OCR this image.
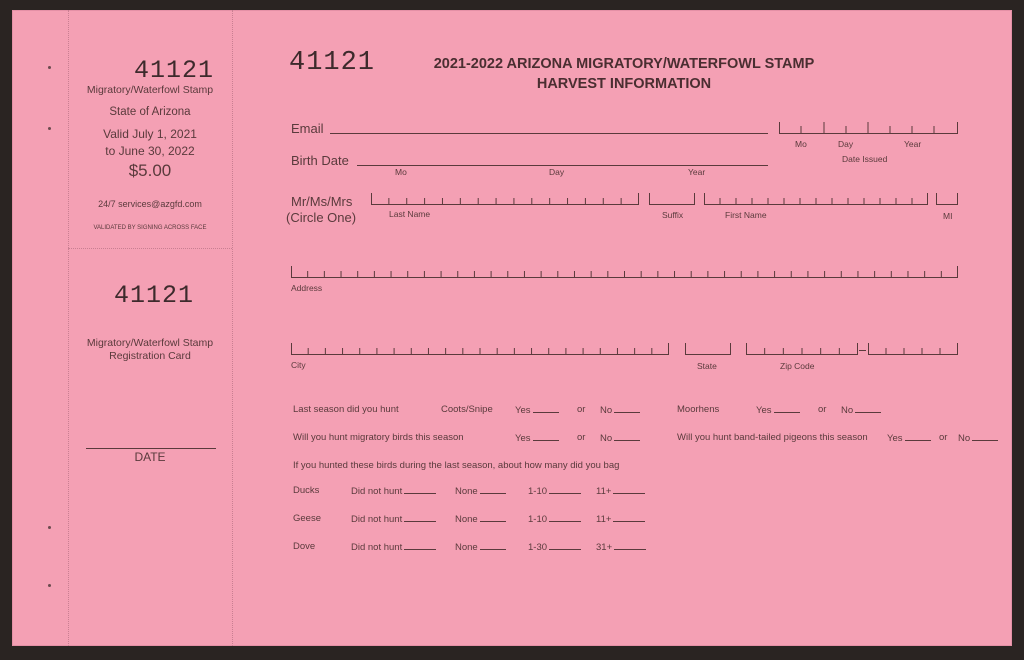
41121
Migratory/Waterfowl Stamp
State of Arizona
Valid July 1, 2021
to June 30, 2022
$5.00
24/7 services@azgfd.com
VALIDATED BY SIGNING ACROSS FACE
41121
Migratory/Waterfowl Stamp
Registration Card
DATE
41121	2021-2022 ARIZONA MIGRATORY/WATERFOWL STAMP
HARVEST INFORMATION
Email
Mo	Day	Year
Date Issued
Birth Date
Mo	Day	Year
Mr/Ms/Mrs
(Circle One)	Last Name	Suffix	First Name	MI
Address
City	State	Zip Code
Last season did you hunt	Coots/Snipe Yes	or No	Moorhens	Yes	or No
Will you hunt migratory birds this season	Yes	or No	Will you hunt band-tailed pigeons this season Yes	or No
If you hunted these birds during the last season, about how many did you bag
Ducks	Did not hunt	None	1-10	11+
Geese	Did not hunt	None	1-10	11+
Dove	Did not hunt	None	1-30	31+
